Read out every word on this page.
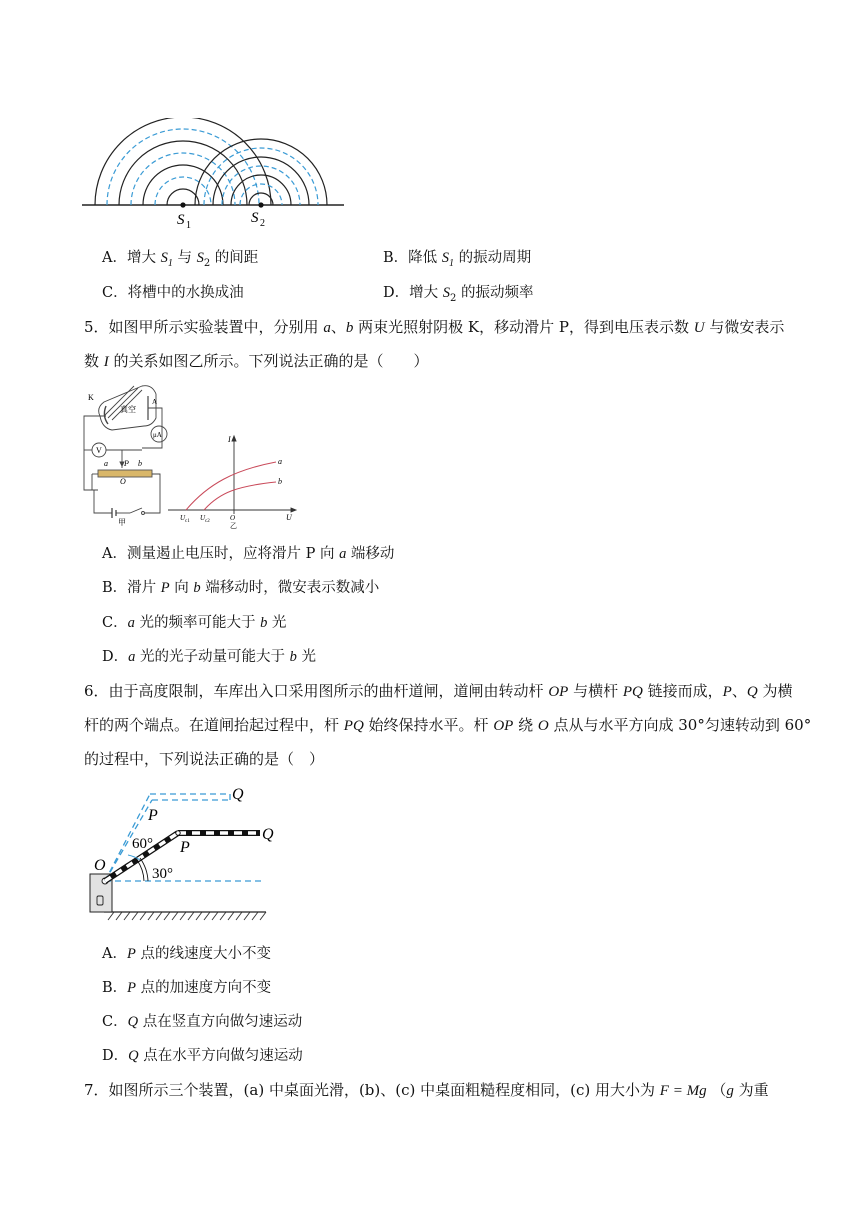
S 1	S 2
A．增大 $S_1$ 与 $S_2$ 的间距	B．降低 $S_1$ 的振动周期
C．将槽中的水换成油	D．增大 $S_2$ 的振动频率
5．如图甲所示实验装置中，分别用 a、b 两束光照射阴极 K，移动滑片 P，得到电压表示数 U 与微安表示
数 I 的关系如图乙所示。下列说法正确的是（　　）
K	A
真空
μA
V
a P b
O
甲
I
a
b
U c1 U c2	O	U
乙
A．测量遏止电压时，应将滑片 P 向 a 端移动
B．滑片 P 向 b 端移动时，微安表示数减小
C．a 光的频率可能大于 b 光
D．a 光的光子动量可能大于 b 光
6．由于高度限制，车库出入口采用图所示的曲杆道闸，道闸由转动杆 OP 与横杆 PQ 链接而成，P、Q 为横
杆的两个端点。在道闸抬起过程中，杆 PQ 始终保持水平。杆 OP 绕 O 点从与水平方向成 30°匀速转动到 60°
的过程中，下列说法正确的是（　）
Q
P
60°
Q
P
O	30°
A．P 点的线速度大小不变
B．P 点的加速度方向不变
C．Q 点在竖直方向做匀速运动
D．Q 点在水平方向做匀速运动
7．如图所示三个装置，(a) 中桌面光滑，(b)、(c) 中桌面粗糙程度相同，(c) 用大小为 F = Mg （g 为重
